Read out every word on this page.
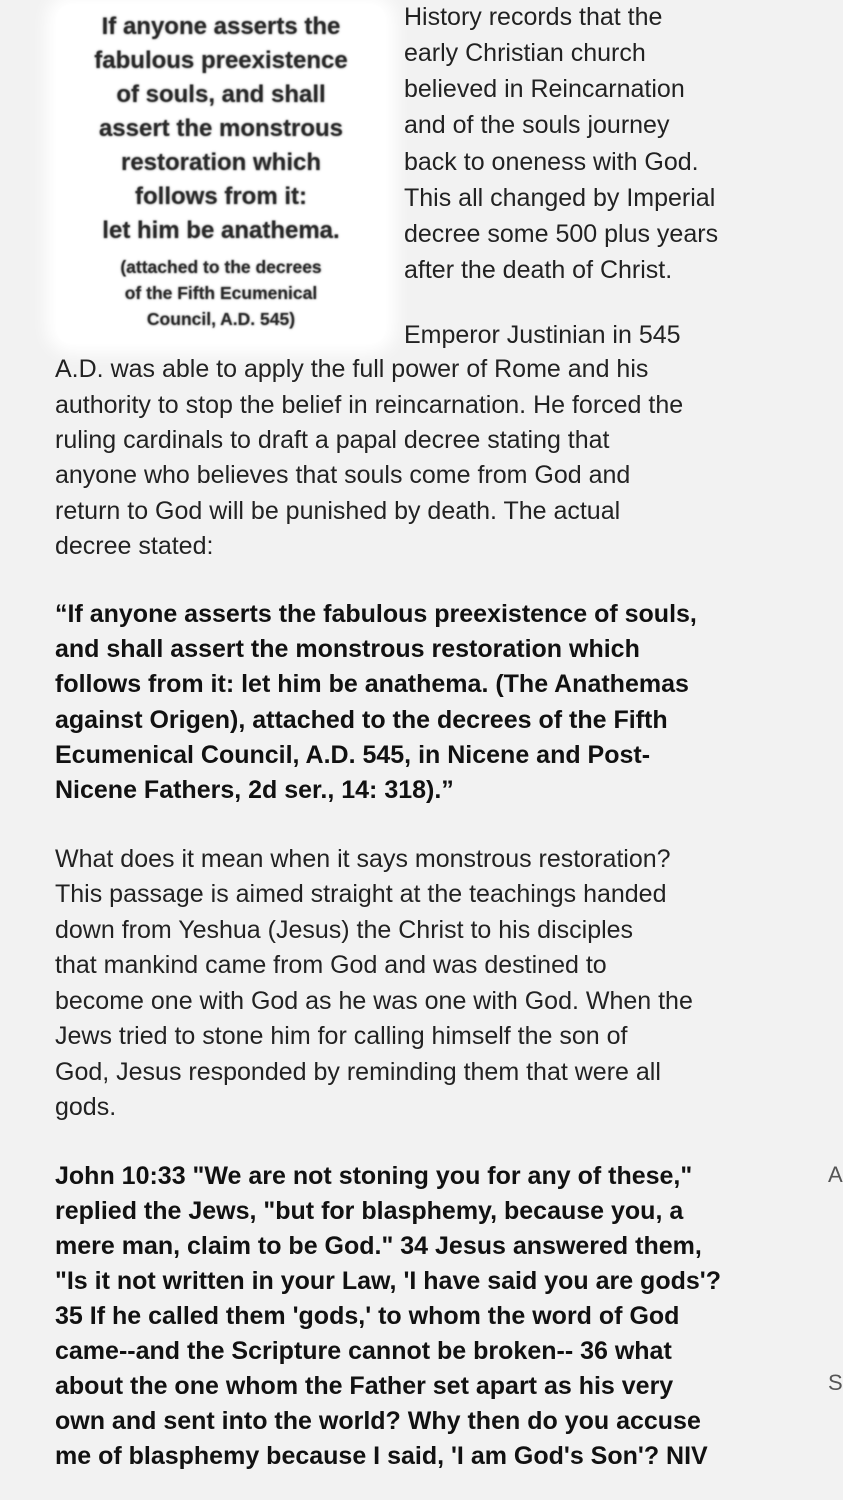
If anyone asserts the
fabulous preexistence
of souls, and shall
assert the monstrous
restoration which
follows from it:
let him be anathema.

(attached to the decrees
of the Fifth Ecumenical
Council, A.D. 545)

History records that the
early Christian church
believed in Reincarnation
and of the souls journey
back to oneness with God.
This all changed by Imperial
decree some 500 plus years
after the death of Christ.
Emperor Justinian in 545
A.D. was able to apply the full power of Rome and his
authority to stop the belief in reincarnation. He forced the
ruling cardinals to draft a papal decree stating that
anyone who believes that souls come from God and
return to God will be punished by death. The actual
decree stated:
“If anyone asserts the fabulous preexistence of souls,
and shall assert the monstrous restoration which
follows from it: let him be anathema. (The Anathemas
against Origen), attached to the decrees of the Fifth
Ecumenical Council, A.D. 545, in Nicene and Post-
Nicene Fathers, 2d ser., 14: 318).”
What does it mean when it says monstrous restoration?
This passage is aimed straight at the teachings handed
down from Yeshua (Jesus) the Christ to his disciples
that mankind came from God and was destined to
become one with God as he was one with God. When the
Jews tried to stone him for calling himself the son of
God, Jesus responded by reminding them that were all
gods.
John 10:33 "We are not stoning you for any of these,"
replied the Jews, "but for blasphemy, because you, a
mere man, claim to be God." 34 Jesus answered them,
"Is it not written in your Law, 'I have said you are gods'?
35 If he called them 'gods,' to whom the word of God
came--and the Scripture cannot be broken-- 36 what
about the one whom the Father set apart as his very
own and sent into the world? Why then do you accuse
me of blasphemy because I said, 'I am God's Son'? NIV
A
S
